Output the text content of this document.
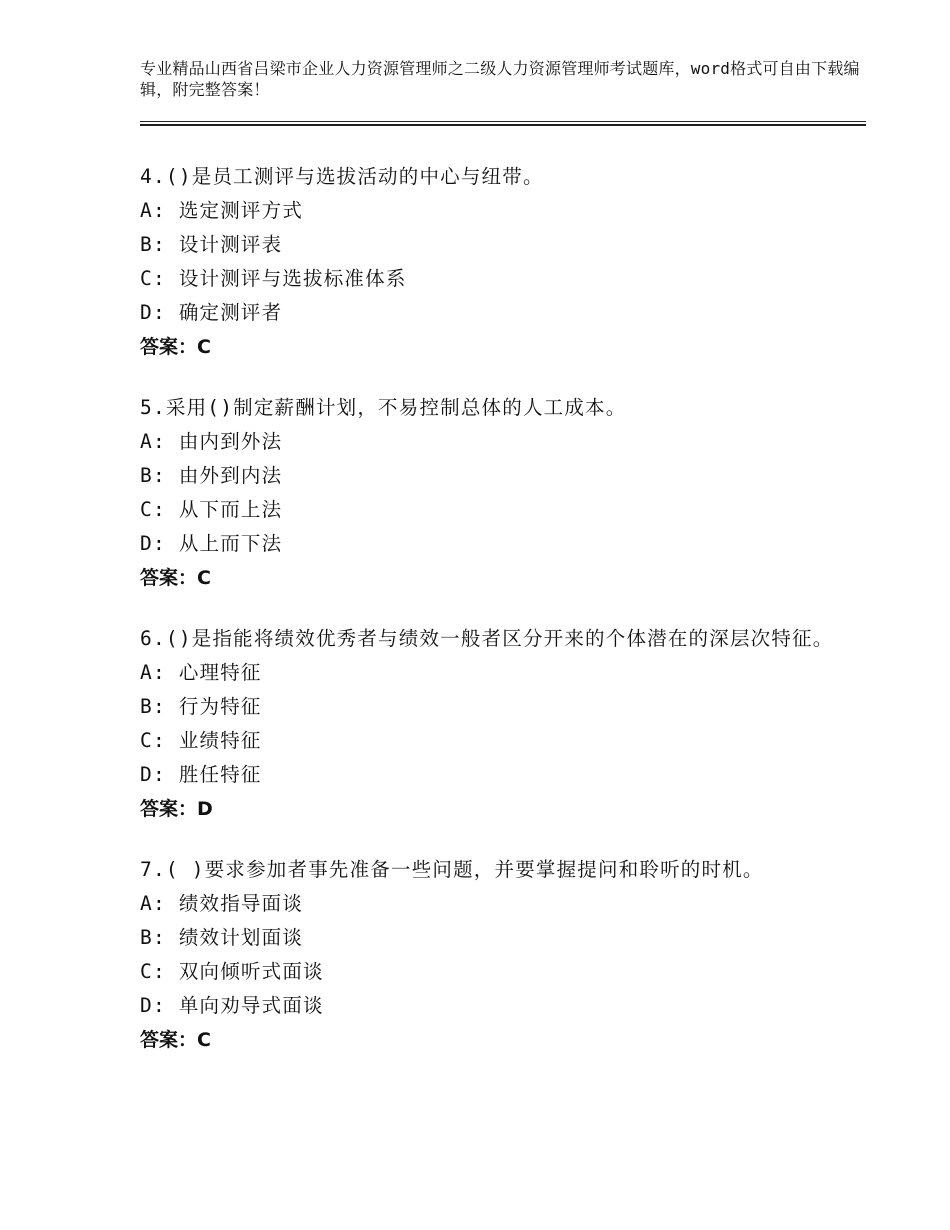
专业精品山西省吕梁市企业人力资源管理师之二级人力资源管理师考试题库，word格式可自由下载编辑，附完整答案！
4.()是员工测评与选拔活动的中心与纽带。
A: 选定测评方式
B: 设计测评表
C: 设计测评与选拔标准体系
D: 确定测评者
答案：C
5.采用()制定薪酬计划，不易控制总体的人工成本。
A: 由内到外法
B: 由外到内法
C: 从下而上法
D: 从上而下法
答案：C
6.()是指能将绩效优秀者与绩效一般者区分开来的个体潜在的深层次特征。
A: 心理特征
B: 行为特征
C: 业绩特征
D: 胜任特征
答案：D
7.( )要求参加者事先准备一些问题，并要掌握提问和聆听的时机。
A: 绩效指导面谈
B: 绩效计划面谈
C: 双向倾听式面谈
D: 单向劝导式面谈
答案：C
